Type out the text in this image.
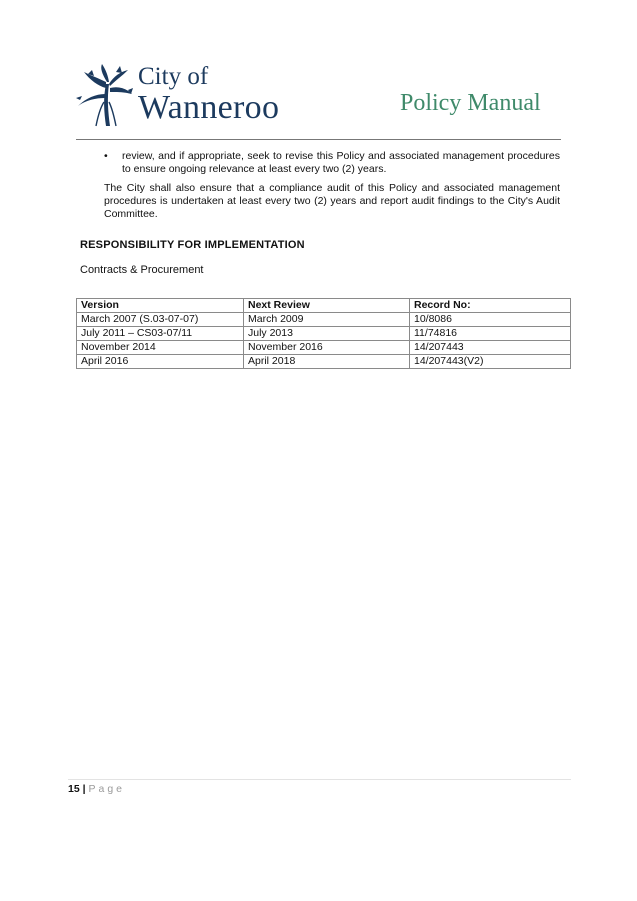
City of
Wanneroo	Policy Manual
• review, and if appropriate, seek to revise this Policy and associated management procedures to ensure ongoing relevance at least every two (2) years.
The City shall also ensure that a compliance audit of this Policy and associated management procedures is undertaken at least every two (2) years and report audit findings to the City's Audit Committee.
RESPONSIBILITY FOR IMPLEMENTATION
Contracts & Procurement
Version	Next Review	Record No:
March 2007 (S.03-07-07)	March 2009	10/8086
July 2011 – CS03-07/11	July 2013	11/74816
November 2014	November 2016	14/207443
April 2016	April 2018	14/207443(V2)
15 | Page
